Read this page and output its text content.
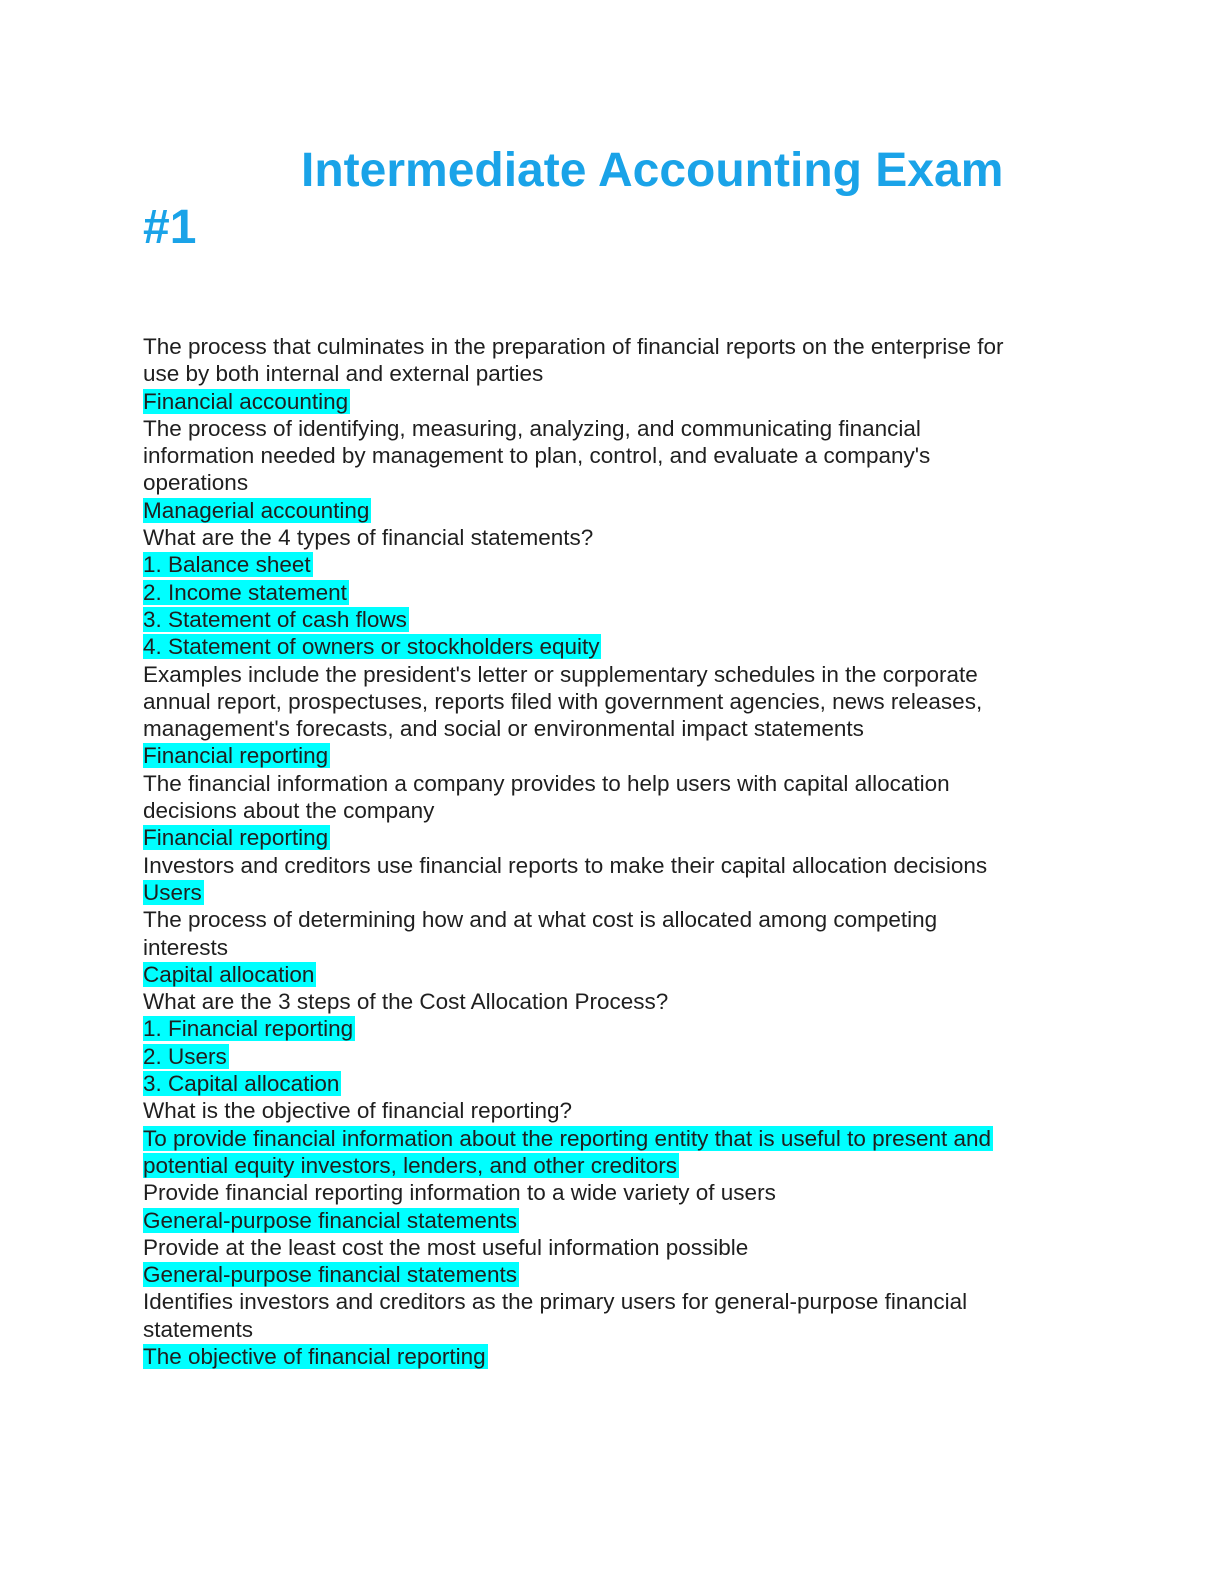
Intermediate Accounting Exam
#1
The process that culminates in the preparation of financial reports on the enterprise for
use by both internal and external parties
Financial accounting
The process of identifying, measuring, analyzing, and communicating financial
information needed by management to plan, control, and evaluate a company's
operations
Managerial accounting
What are the 4 types of financial statements?
1. Balance sheet
2. Income statement
3. Statement of cash flows
4. Statement of owners or stockholders equity
Examples include the president's letter or supplementary schedules in the corporate
annual report, prospectuses, reports filed with government agencies, news releases,
management's forecasts, and social or environmental impact statements
Financial reporting
The financial information a company provides to help users with capital allocation
decisions about the company
Financial reporting
Investors and creditors use financial reports to make their capital allocation decisions
Users
The process of determining how and at what cost is allocated among competing
interests
Capital allocation
What are the 3 steps of the Cost Allocation Process?
1. Financial reporting
2. Users
3. Capital allocation
What is the objective of financial reporting?
To provide financial information about the reporting entity that is useful to present and
potential equity investors, lenders, and other creditors
Provide financial reporting information to a wide variety of users
General-purpose financial statements
Provide at the least cost the most useful information possible
General-purpose financial statements
Identifies investors and creditors as the primary users for general-purpose financial
statements
The objective of financial reporting
